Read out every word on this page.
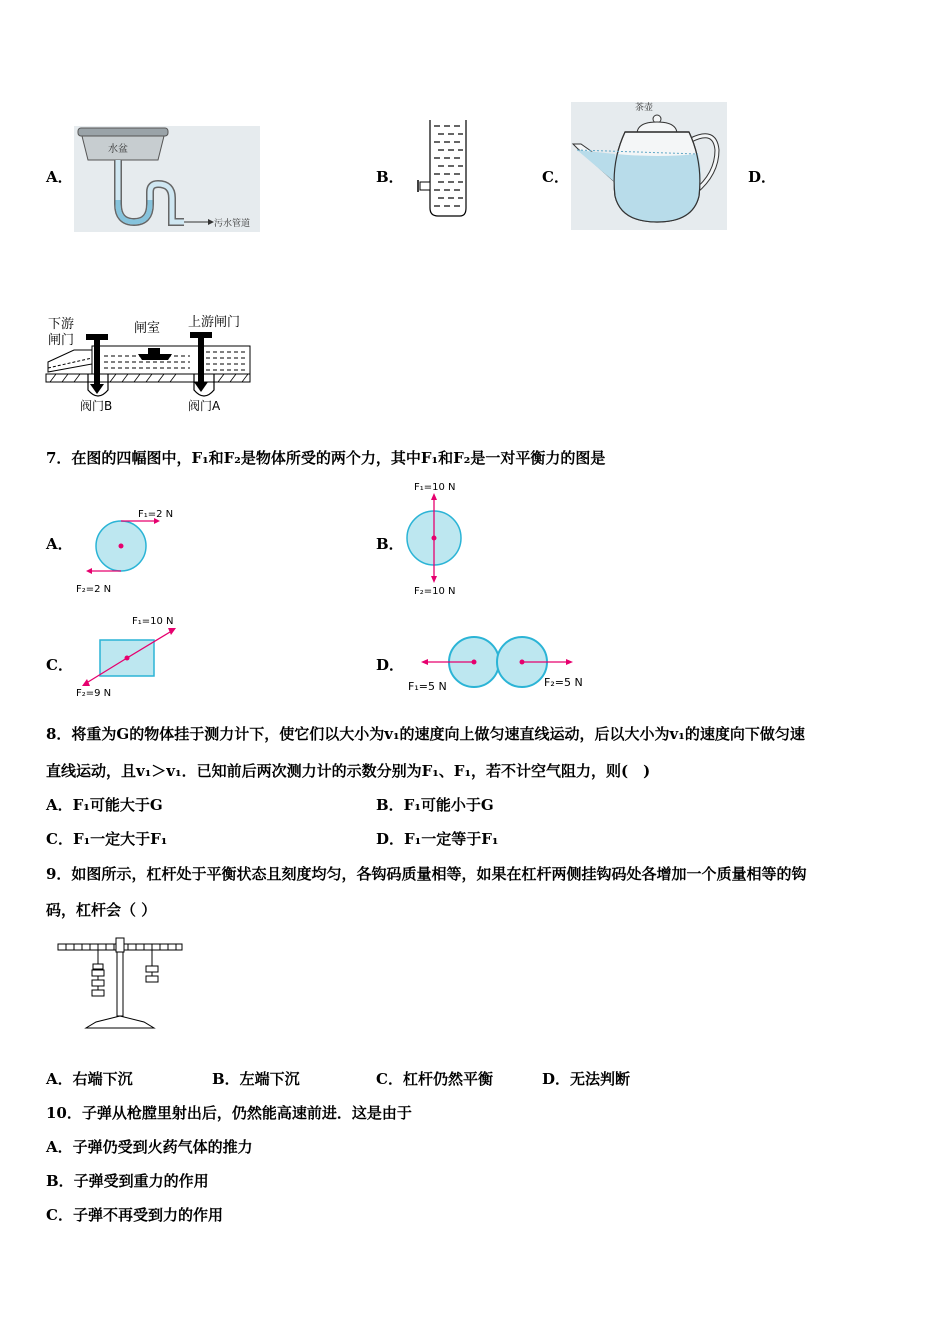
A．
水盆
污水管道
B．	C．
茶壶
D．
下游
闸门
闸室 上游闸门
阀门B	阀门A
7．在图的四幅图中，F₁和F₂是物体所受的两个力，其中F₁和F₂是一对平衡力的图是
A．
F₁=2 N
F₂=2 N
B．
F₁=10 N
F₂=10 N
C．
F₁=10 N
F₂=9 N
D．
F₁=5 N	F₂=5 N
8．将重为G的物体挂于测力计下，使它们以大小为v₁的速度向上做匀速直线运动，后以大小为v₁的速度向下做匀速
直线运动，且v₁＞v₁．已知前后两次测力计的示数分别为F₁、F₁，若不计空气阻力，则(　)
A．F₁可能大于G	B．F₁可能小于G
C．F₁一定大于F₁	D．F₁一定等于F₁
9．如图所示，杠杆处于平衡状态且刻度均匀，各钩码质量相等，如果在杠杆两侧挂钩码处各增加一个质量相等的钩
码，杠杆会（ ）
A．右端下沉	B．左端下沉	C．杠杆仍然平衡	D．无法判断
10．子弹从枪膛里射出后，仍然能高速前进．这是由于
A．子弹仍受到火药气体的推力
B．子弹受到重力的作用
C．子弹不再受到力的作用
